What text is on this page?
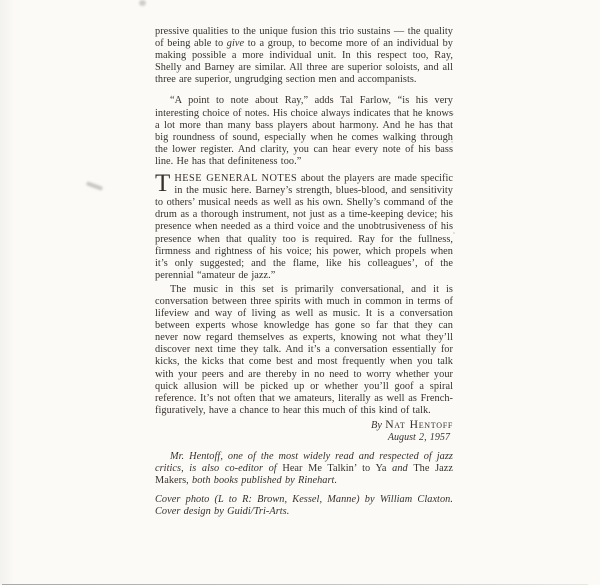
pressive qualities to the unique fusion this trio sustains — the quality of being able to give to a group, to become more of an individual by making possible a more individual unit. In this respect too, Ray, Shelly and Barney are similar. All three are superior soloists, and all three are superior, ungrudging section men and accompanists.

“A point to note about Ray,” adds Tal Farlow, “is his very interesting choice of notes. His choice always indicates that he knows a lot more than many bass players about harmony. And he has that big roundness of sound, especially when he comes walking through the lower register. And clarity, you can hear every note of his bass line. He has that definiteness too.”

THESE GENERAL NOTES about the players are made specific in the music here. Barney’s strength, blues-blood, and sensitivity to others’ musical needs as well as his own. Shelly’s command of the drum as a thorough instrument, not just as a time-keeping device; his presence when needed as a third voice and the unobtrusiveness of his presence when that quality too is required. Ray for the fullness, firmness and rightness of his voice; his power, which propels when it’s only suggested; and the flame, like his colleagues’, of the perennial “amateur de jazz.”

The music in this set is primarily conversational, and it is conversation between three spirits with much in common in terms of lifeview and way of living as well as music. It is a conversation between experts whose knowledge has gone so far that they can never now regard themselves as experts, knowing not what they’ll discover next time they talk. And it’s a conversation essentially for kicks, the kicks that come best and most frequently when you talk with your peers and are thereby in no need to worry whether your quick allusion will be picked up or whether you’ll goof a spiral reference. It’s not often that we amateurs, literally as well as French-figuratively, have a chance to hear this much of this kind of talk.

By Nat Hentoff

August 2, 1957

Mr. Hentoff, one of the most widely read and respected of jazz critics, is also co-editor of Hear Me Talkin’ to Ya and The Jazz Makers, both books published by Rinehart.

Cover photo (L to R: Brown, Kessel, Manne) by William Claxton. Cover design by Guidi/Tri-Arts.
